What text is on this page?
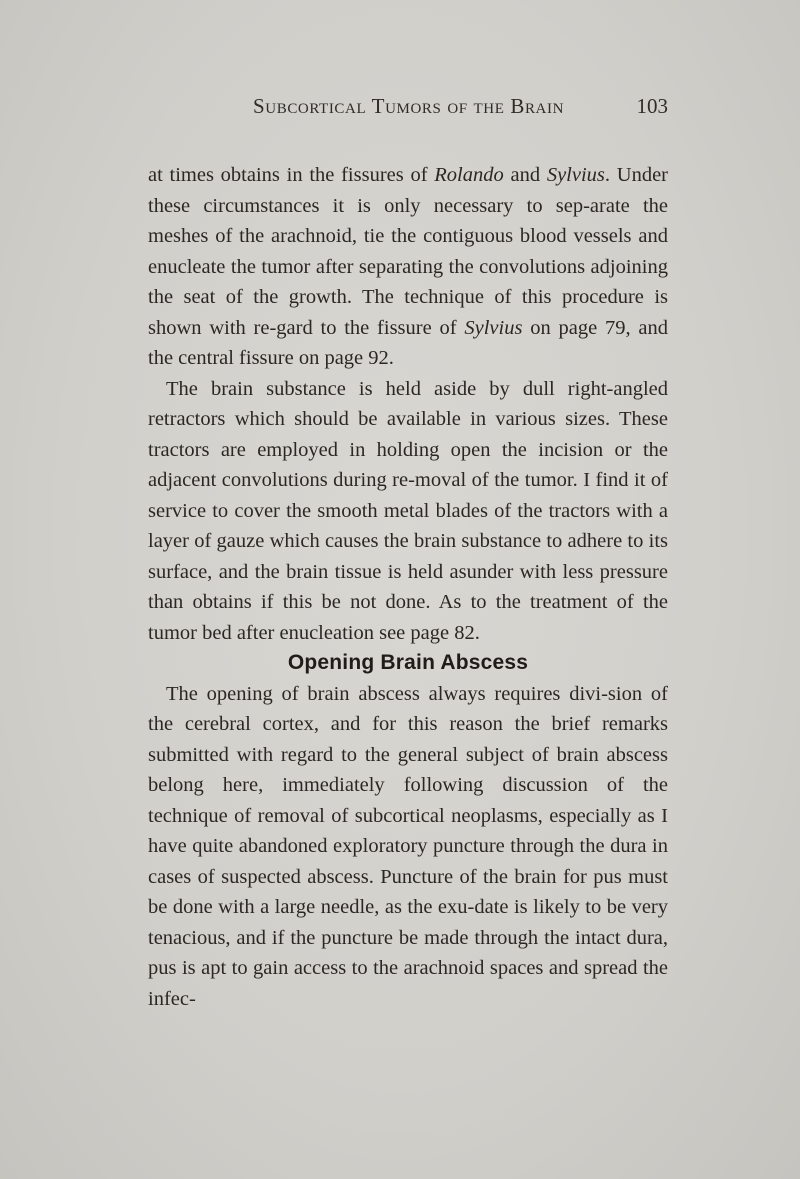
Subcortical Tumors of the Brain	103

at times obtains in the fissures of Rolando and Sylvius. Under these circumstances it is only necessary to sep-arate the meshes of the arachnoid, tie the contiguous blood vessels and enucleate the tumor after separating the convolutions adjoining the seat of the growth. The technique of this procedure is shown with re-gard to the fissure of Sylvius on page 79, and the central fissure on page 92.

The brain substance is held aside by dull right-angled retractors which should be available in various sizes. These tractors are employed in holding open the incision or the adjacent convolutions during re-moval of the tumor. I find it of service to cover the smooth metal blades of the tractors with a layer of gauze which causes the brain substance to adhere to its surface, and the brain tissue is held asunder with less pressure than obtains if this be not done. As to the treatment of the tumor bed after enucleation see page 82.

Opening Brain Abscess

The opening of brain abscess always requires divi-sion of the cerebral cortex, and for this reason the brief remarks submitted with regard to the general subject of brain abscess belong here, immediately following discussion of the technique of removal of subcortical neoplasms, especially as I have quite abandoned exploratory puncture through the dura in cases of suspected abscess. Puncture of the brain for pus must be done with a large needle, as the exu-date is likely to be very tenacious, and if the puncture be made through the intact dura, pus is apt to gain access to the arachnoid spaces and spread the infec-
